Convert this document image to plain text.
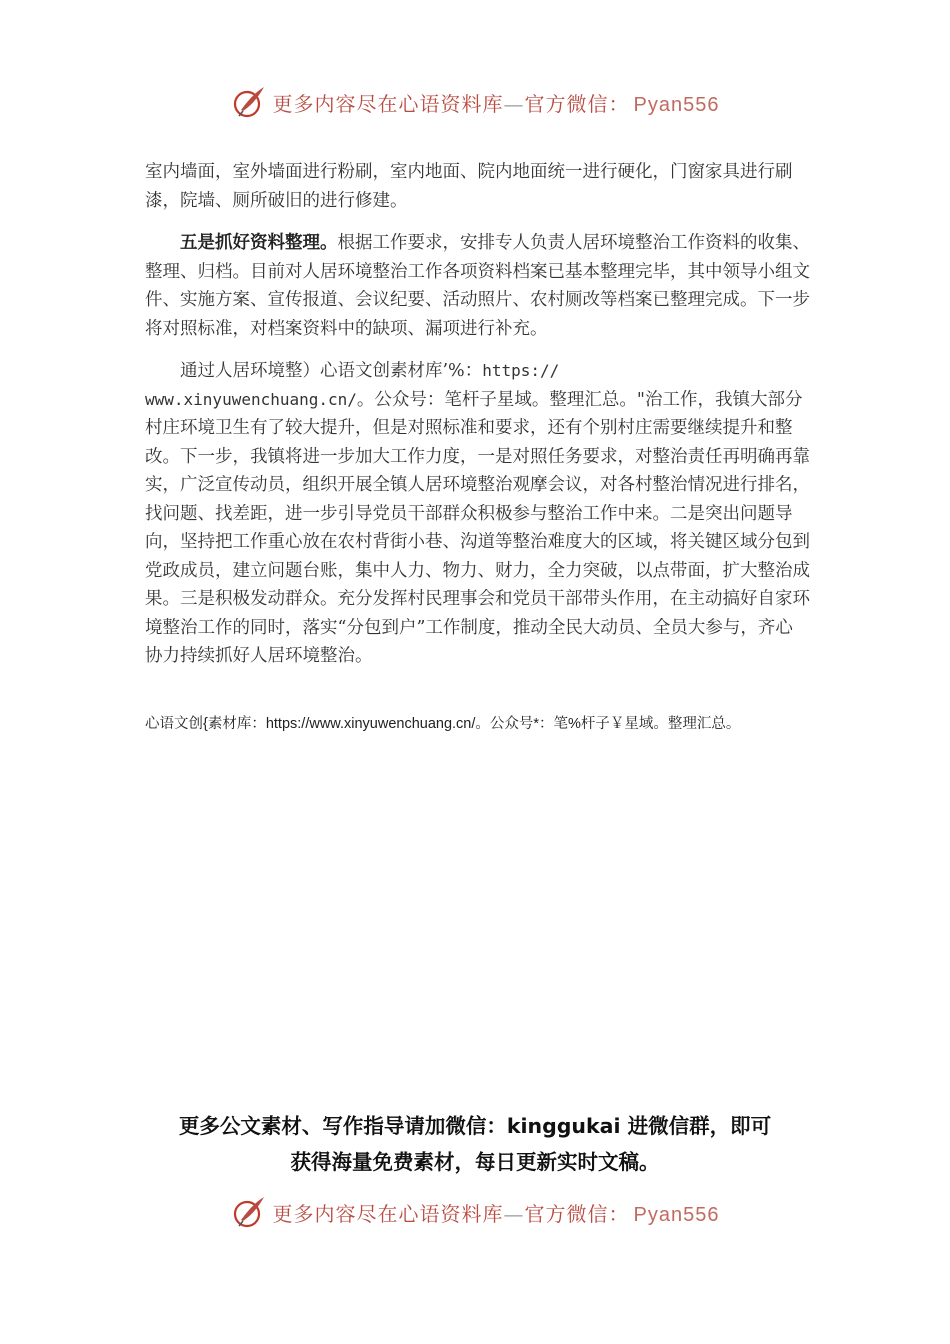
更多内容尽在心语资料库—官方微信： Pyan556

室内墙面，室外墙面进行粉刷，室内地面、院内地面统一进行硬化，门窗家具进行刷漆，院墙、厕所破旧的进行修建。

五是抓好资料整理。根据工作要求，安排专人负责人居环境整治工作资料的收集、整理、归档。目前对人居环境整治工作各项资料档案已基本整理完毕，其中领导小组文件、实施方案、宣传报道、会议纪要、活动照片、农村厕改等档案已整理完成。下一步将对照标准，对档案资料中的缺项、漏项进行补充。

通过人居环境整）心语文创素材库’%：https://
www.xinyuwenchuang.cn/。公众号：笔杆子星域。整理汇总。"治工作，我镇大部分村庄环境卫生有了较大提升，但是对照标准和要求，还有个别村庄需要继续提升和整改。下一步，我镇将进一步加大工作力度，一是对照任务要求，对整治责任再明确再靠实，广泛宣传动员，组织开展全镇人居环境整治观摩会议，对各村整治情况进行排名，找问题、找差距，进一步引导党员干部群众积极参与整治工作中来。二是突出问题导向，坚持把工作重心放在农村背街小巷、沟道等整治难度大的区域，将关键区域分包到党政成员，建立问题台账，集中人力、物力、财力，全力突破，以点带面，扩大整治成果。三是积极发动群众。充分发挥村民理事会和党员干部带头作用，在主动搞好自家环境整治工作的同时，落实“分包到户”工作制度，推动全民大动员、全员大参与，齐心协力持续抓好人居环境整治。

心语文创{素材库：https://www.xinyuwenchuang.cn/。公众号*：笔%杆子￥星域。整理汇总。

更多公文素材、写作指导请加微信：kinggukai 进微信群，即可

获得海量免费素材，每日更新实时文稿。

更多内容尽在心语资料库—官方微信： Pyan556
